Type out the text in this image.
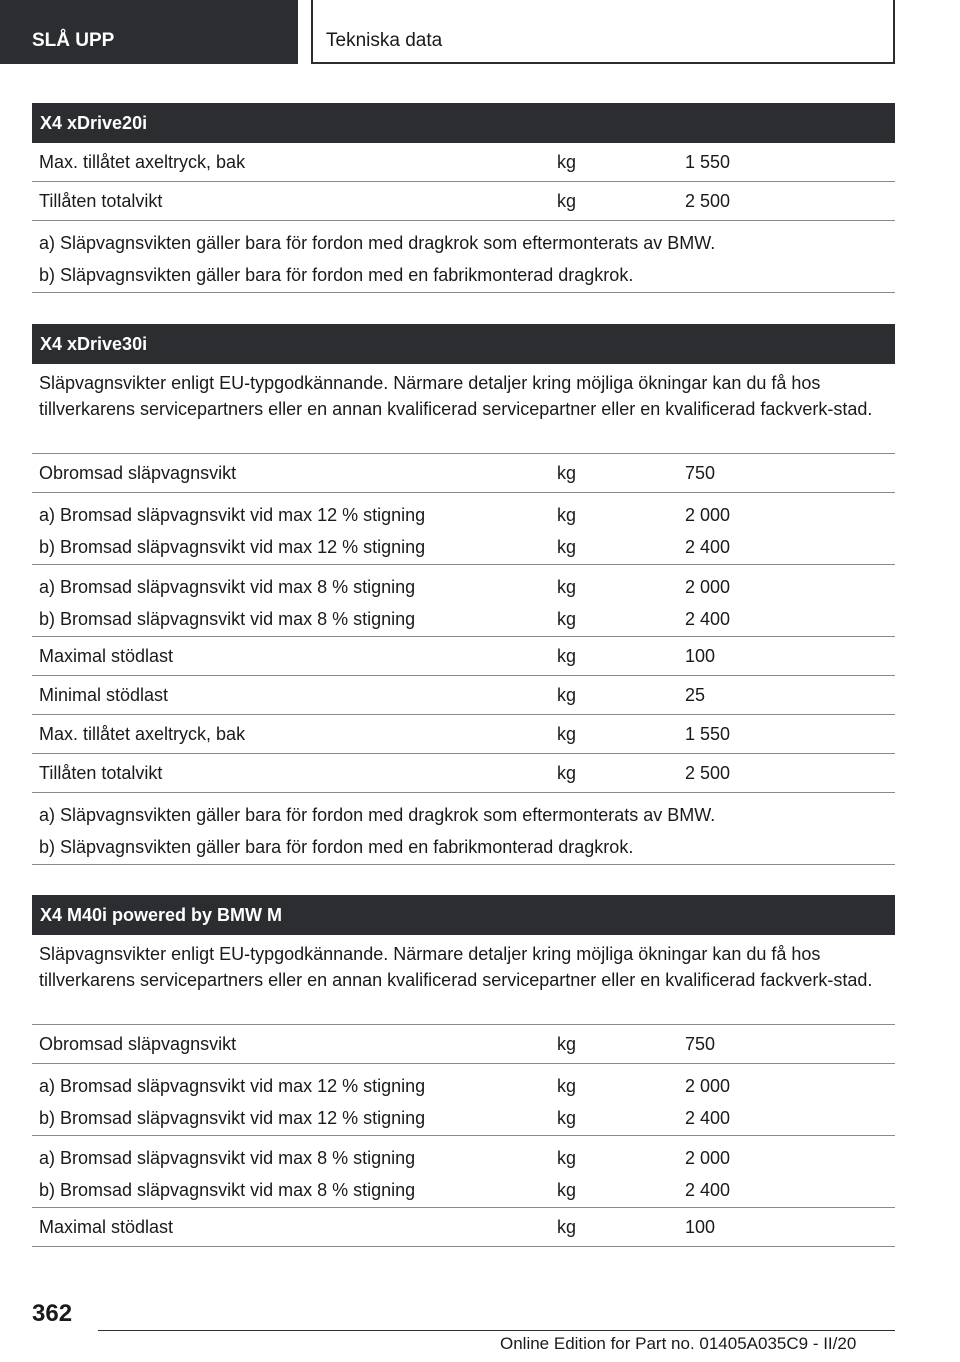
SLÅ UPP	Tekniska data
X4 xDrive20i
Max. tillåtet axeltryck, bak	kg	1 550
Tillåten totalvikt	kg	2 500
a) Släpvagnsvikten gäller bara för fordon med dragkrok som eftermonterats av BMW.
b) Släpvagnsvikten gäller bara för fordon med en fabrikmonterad dragkrok.
X4 xDrive30i
Släpvagnsvikter enligt EU-typgodkännande. Närmare detaljer kring möjliga ökningar kan du få hos tillverkarens servicepartners eller en annan kvalificerad servicepartner eller en kvalificerad fackverk-stad.
Obromsad släpvagnsvikt	kg	750
a) Bromsad släpvagnsvikt vid max 12 % stigning	kg	2 000
b) Bromsad släpvagnsvikt vid max 12 % stigning	kg	2 400
a) Bromsad släpvagnsvikt vid max 8 % stigning	kg	2 000
b) Bromsad släpvagnsvikt vid max 8 % stigning	kg	2 400
Maximal stödlast	kg	100
Minimal stödlast	kg	25
Max. tillåtet axeltryck, bak	kg	1 550
Tillåten totalvikt	kg	2 500
a) Släpvagnsvikten gäller bara för fordon med dragkrok som eftermonterats av BMW.
b) Släpvagnsvikten gäller bara för fordon med en fabrikmonterad dragkrok.
X4 M40i powered by BMW M
Släpvagnsvikter enligt EU-typgodkännande. Närmare detaljer kring möjliga ökningar kan du få hos tillverkarens servicepartners eller en annan kvalificerad servicepartner eller en kvalificerad fackverk-stad.
Obromsad släpvagnsvikt	kg	750
a) Bromsad släpvagnsvikt vid max 12 % stigning	kg	2 000
b) Bromsad släpvagnsvikt vid max 12 % stigning	kg	2 400
a) Bromsad släpvagnsvikt vid max 8 % stigning	kg	2 000
b) Bromsad släpvagnsvikt vid max 8 % stigning	kg	2 400
Maximal stödlast	kg	100
362
Online Edition for Part no. 01405A035C9 - II/20
